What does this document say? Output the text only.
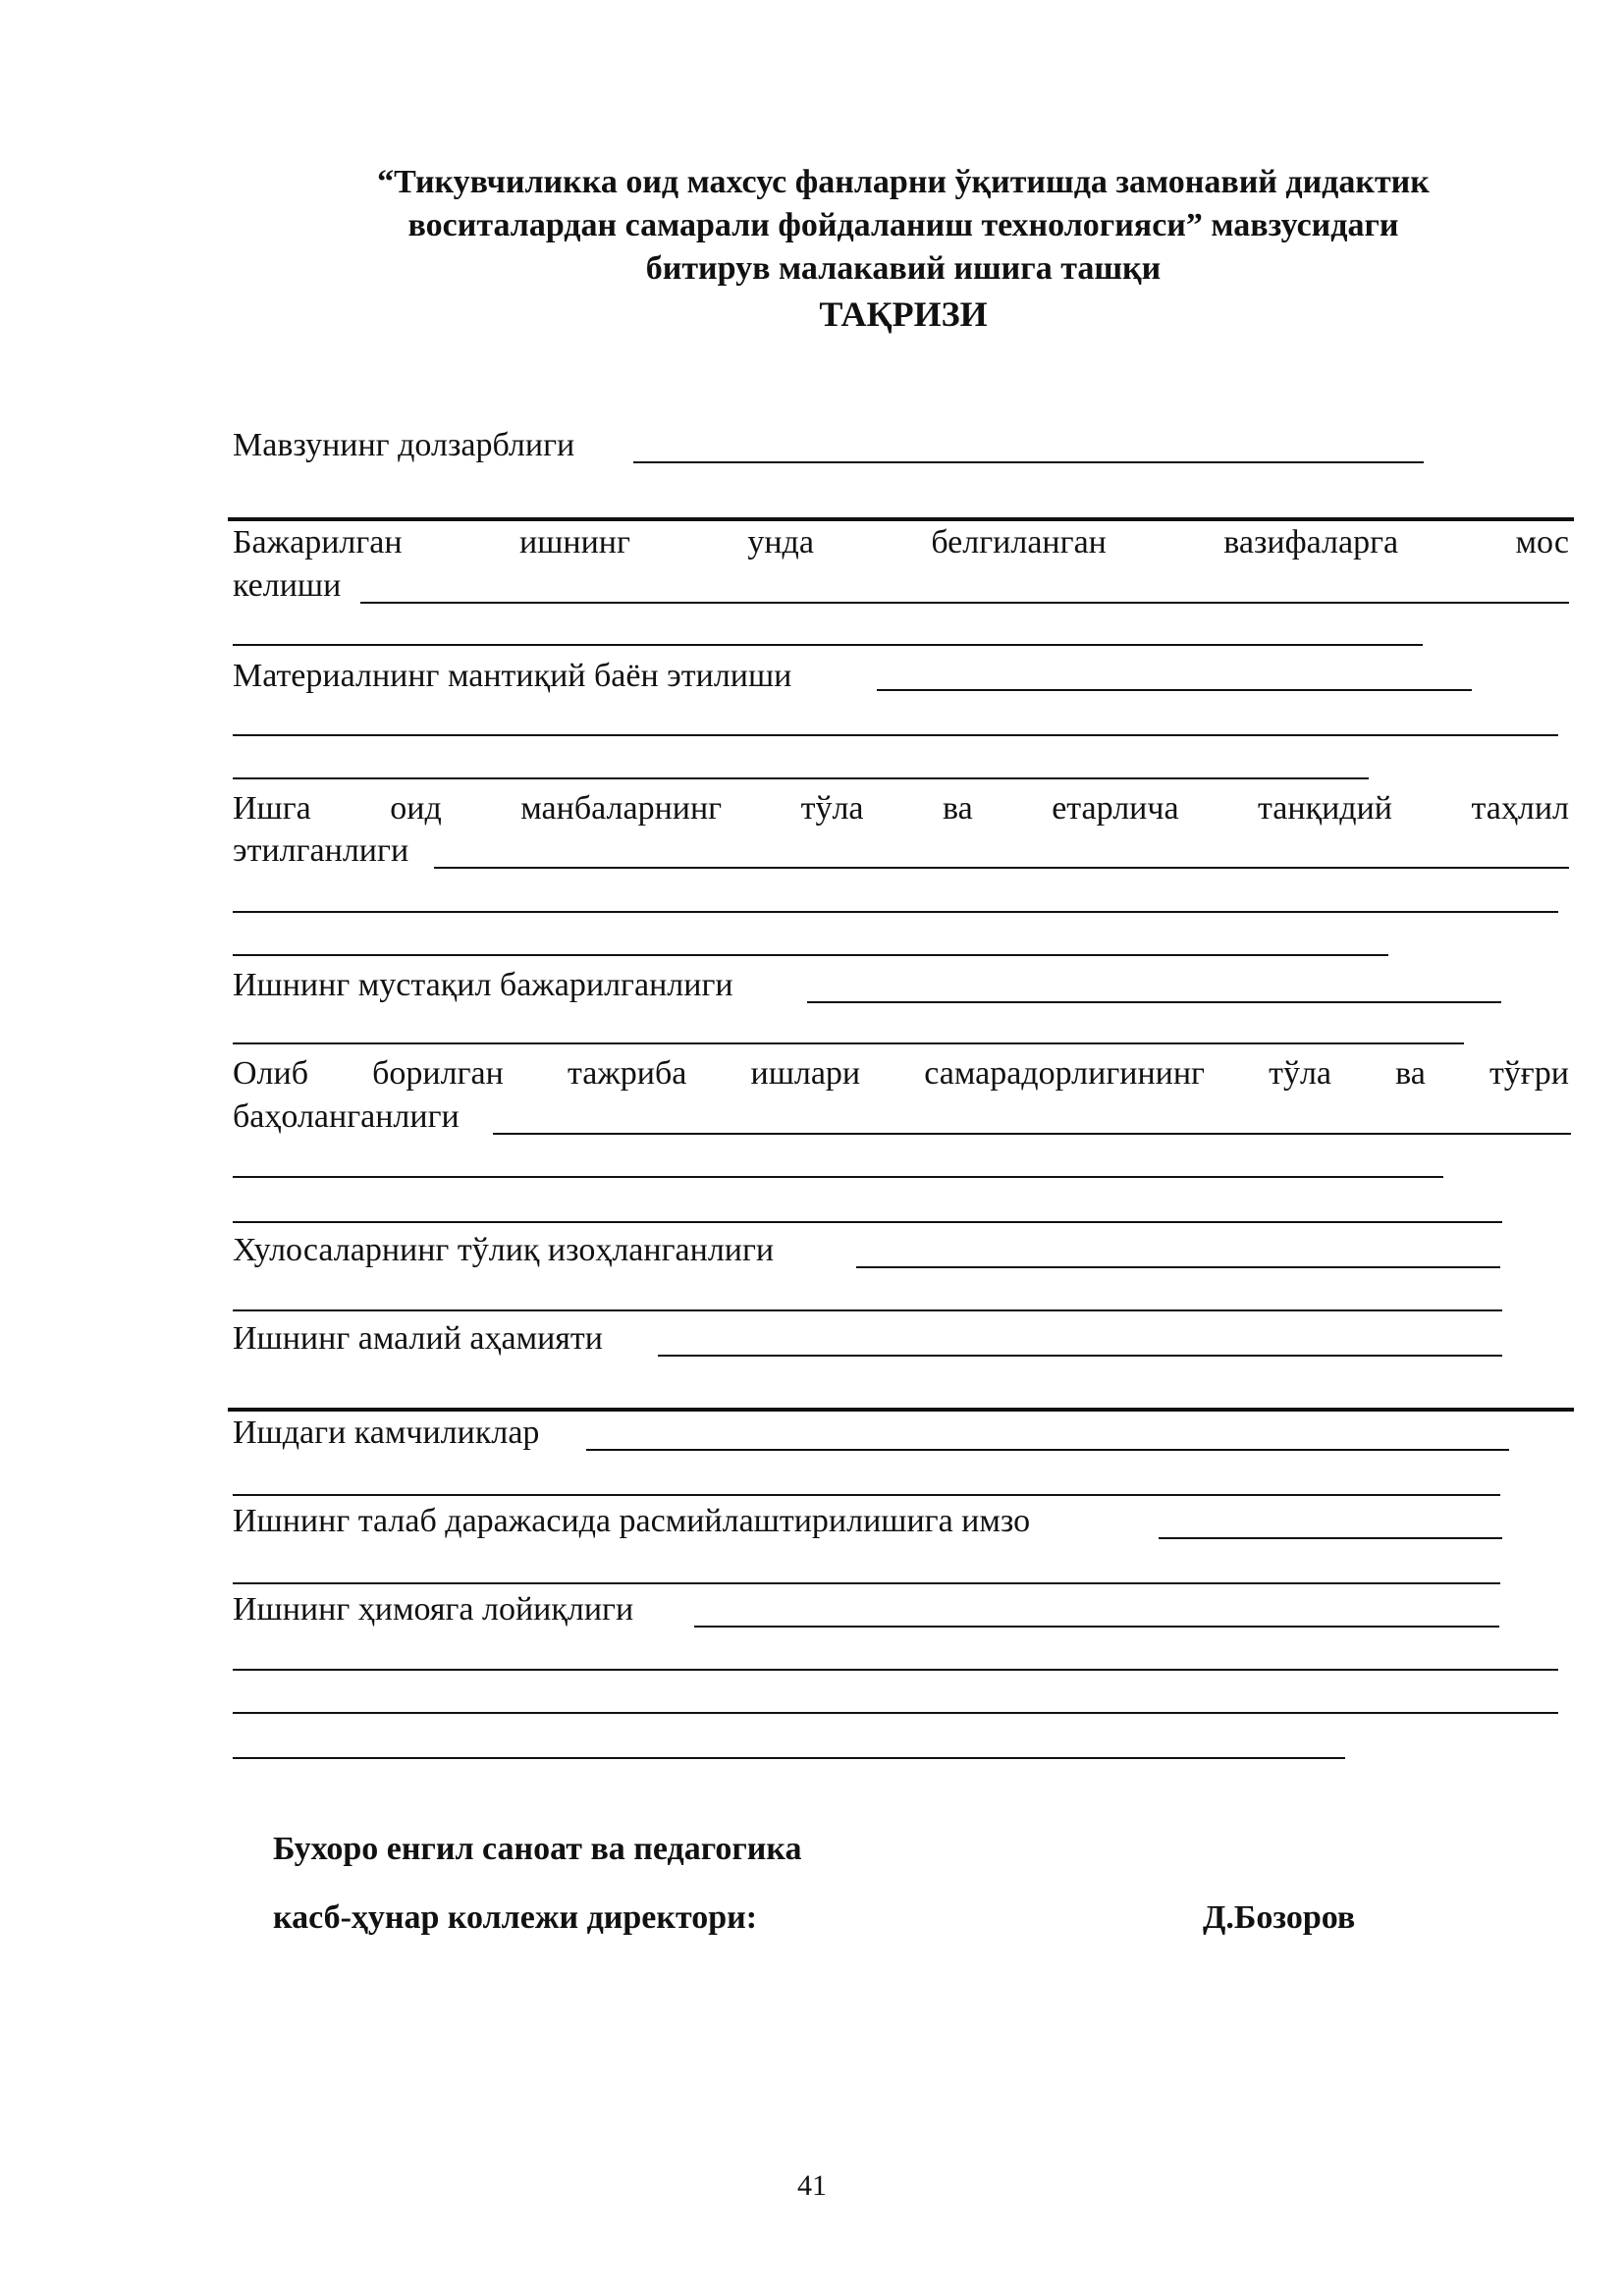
“Тикувчиликка оид махсус фанларни ўқитишда замонавий дидактик
воситалардан самарали фойдаланиш технологияси” мавзусидаги
битирув малакавий ишига ташқи
ТАҚРИЗИ
Мавзунинг долзарблиги
Бажарилган	ишнинг	унда	белгиланган	вазифаларга	мос
келиши
Материалнинг мантиқий баён этилиши
Ишга оид манбаларнинг тўла ва етарлича танқидий таҳлил
этилганлиги
Ишнинг мустақил бажарилганлиги
Олиб борилган тажриба ишлари самарадорлигининг тўла ва тўғри
баҳоланганлиги
Хулосаларнинг тўлиқ изоҳланганлиги
Ишнинг амалий аҳамияти
Ишдаги камчиликлар
Ишнинг талаб даражасида расмийлаштирилишига имзо
Ишнинг ҳимояга лойиқлиги
Бухоро енгил саноат ва педагогика
касб-ҳунар коллежи директори:	Д.Бозоров
41
